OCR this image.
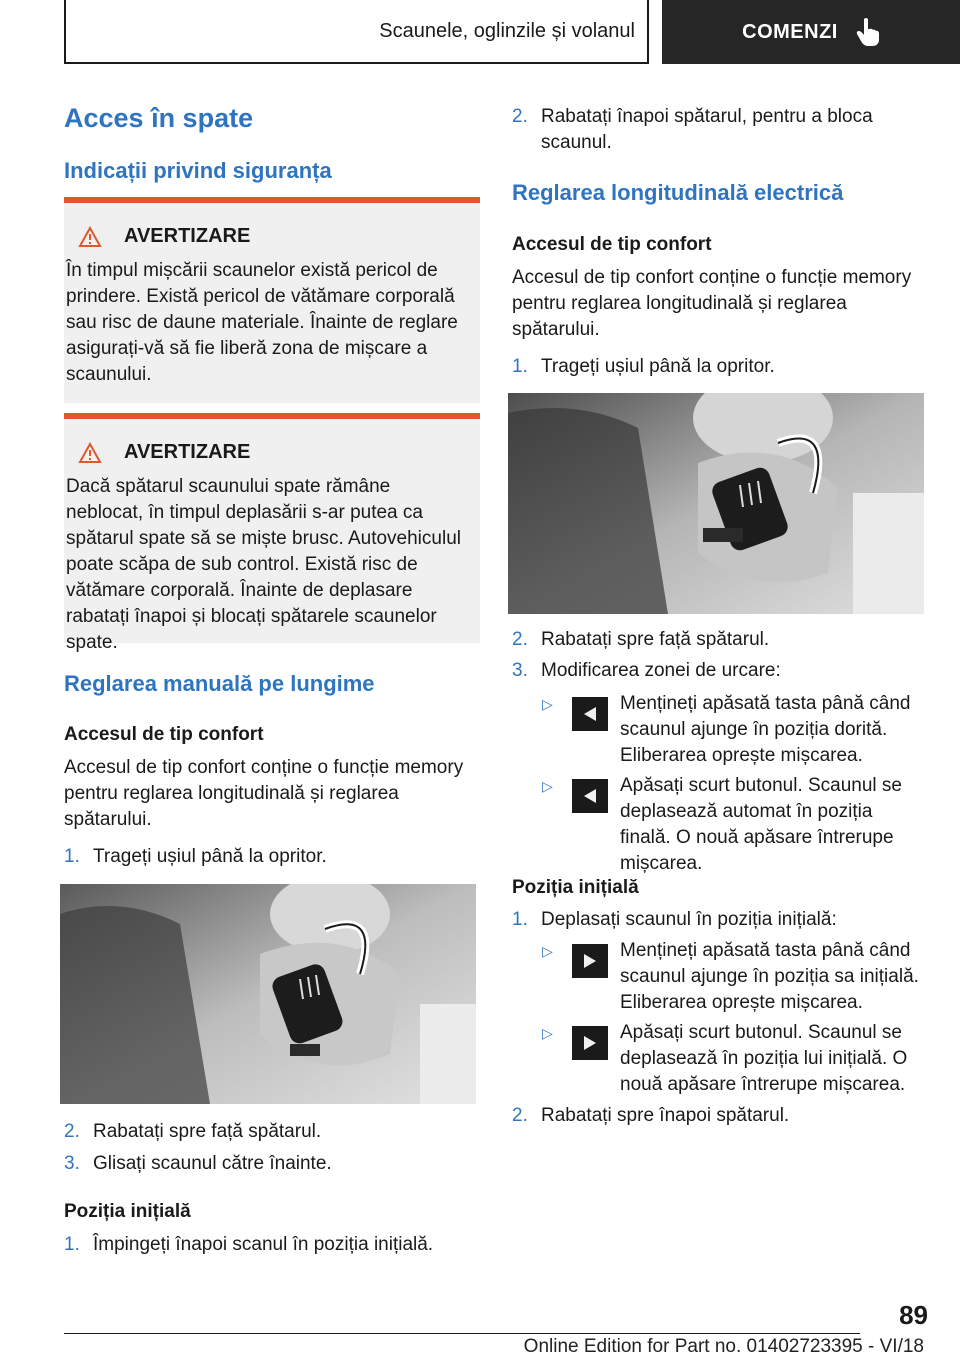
Scaunele, oglinzile și volanul	COMENZI
Acces în spate
Indicații privind siguranța
AVERTIZARE

În timpul mișcării scaunelor există pericol de prindere. Există pericol de vătămare corporală sau risc de daune materiale. Înainte de reglare asigurați-vă să fie liberă zona de mișcare a scaunului.

AVERTIZARE

Dacă spătarul scaunului spate rămâne neblocat, în timpul deplasării s-ar putea ca spătarul spate să se miște brusc. Autovehiculul poate scăpa de sub control. Există risc de vătămare corporală. Înainte de deplasare rabatați înapoi și blocați spătarele scaunelor spate.

Reglarea manuală pe lungime
Accesul de tip confort

Accesul de tip confort conține o funcție memory pentru reglarea longitudinală și reglarea spătarului.

1. Trageți ușiul până la opritor.
2. Rabatați spre față spătarul.
3. Glisați scaunul către înainte.
Poziția inițială
1. Împingeți înapoi scanul în poziția inițială.
2. Rabatați înapoi spătarul, pentru a bloca scaunul.
Reglarea longitudinală electrică
Accesul de tip confort

Accesul de tip confort conține o funcție memory pentru reglarea longitudinală și reglarea spătarului.

1. Trageți ușiul până la opritor.
2. Rabatați spre față spătarul.
3. Modificarea zonei de urcare:
▷	Mențineți apăsată tasta până când scaunul ajunge în poziția dorită. Eliberarea oprește mișcarea.
▷	Apăsați scurt butonul. Scaunul se deplasează automat în poziția finală. O nouă apăsare întrerupe mișcarea.
Poziția inițială
1. Deplasați scaunul în poziția inițială:
▷	Mențineți apăsată tasta până când scaunul ajunge în poziția sa inițială. Eliberarea oprește mișcarea.
▷	Apăsați scurt butonul. Scaunul se deplasează în poziția lui inițială. O nouă apăsare întrerupe mișcarea.
2. Rabatați spre înapoi spătarul.
89
Online Edition for Part no. 01402723395 - VI/18
